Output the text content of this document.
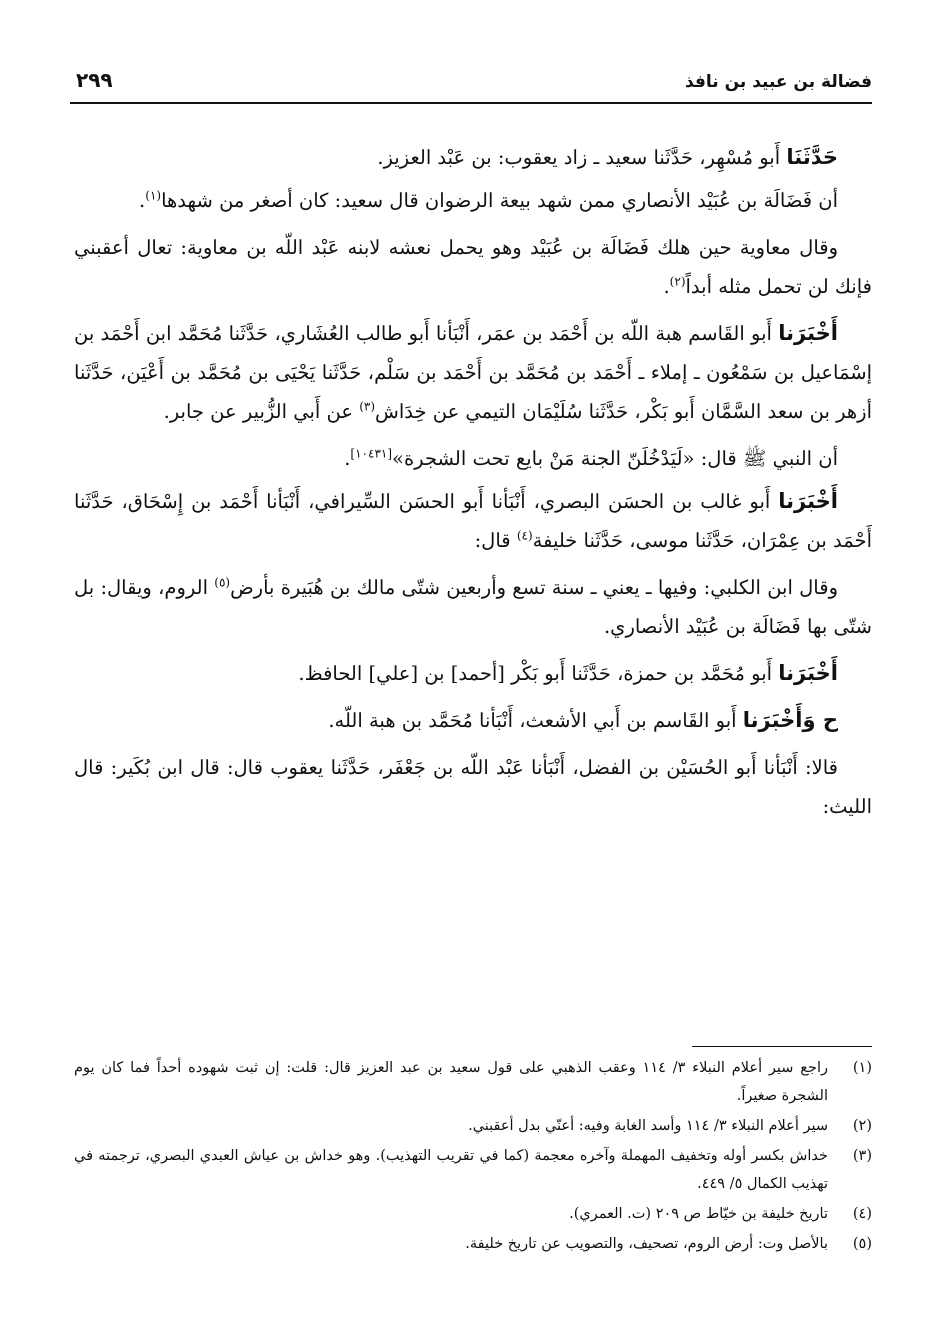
فضالة بن عبيد بن نافذ
٢٩٩

حَدَّثَنَا أَبو مُسْهِر، حَدَّثَنا سعيد ـ زاد يعقوب: بن عَبْد العزيز.

أن فَضَالَة بن عُبَيْد الأنصاري ممن شهد بيعة الرضوان قال سعيد: كان أصغر من شهدها$^{(١)}$.

وقال معاوية حين هلك فَضَالَة بن عُبَيْد وهو يحمل نعشه لابنه عَبْد اللّه بن معاوية: تعال أعقبني فإنك لن تحمل مثله أبداً$^{(٢)}$.

أَخْبَرَنا أَبو القَاسم هبة اللّه بن أَحْمَد بن عمَر، أَنْبَأنا أَبو طالب العُشَاري، حَدَّثَنا مُحَمَّد ابن أَحْمَد بن إسْمَاعيل بن سَمْعُون ـ إملاء ـ أَحْمَد بن مُحَمَّد بن أَحْمَد بن سَلْم، حَدَّثَنا يَحْيَى بن مُحَمَّد بن أَعْيَن، حَدَّثَنا أزهر بن سعد السَّمَّان أَبو بَكْر، حَدَّثَنا سُلَيْمَان التيمي عن خِدَاش$^{(٣)}$ عن أَبي الزُّبير عن جابر.

أن النبي ﷺ قال: «لَيَدْخُلَنّ الجنة مَنْ بايع تحت الشجرة»[١٠٤٣١].

أَخْبَرَنا أَبو غالب بن الحسَن البصري، أَنْبَأنا أَبو الحسَن السِّيرافي، أَنْبَأنا أَحْمَد بن إِسْحَاق، حَدَّثَنا أَحْمَد بن عِمْرَان، حَدَّثَنا موسى، حَدَّثَنا خليفة$^{(٤)}$ قال:

وقال ابن الكلبي: وفيها ـ يعني ـ سنة تسع وأربعين شتّى مالك بن هُبَيرة بأرض$^{(٥)}$ الروم، ويقال: بل شتّى بها فَضَالَة بن عُبَيْد الأنصاري.

أَخْبَرَنا أَبو مُحَمَّد بن حمزة، حَدَّثَنا أَبو بَكْر [أحمد] بن [علي] الحافظ.

ح وَأَخْبَرَنا أَبو القَاسم بن أَبي الأشعث، أَنْبَأنا مُحَمَّد بن هبة اللّه.

قالا: أَنْبَأنا أَبو الحُسَيْن بن الفضل، أَنْبَأنا عَبْد اللّه بن جَعْفَر، حَدَّثَنا يعقوب قال: قال ابن بُكَير: قال الليث:

(١)
راجع سير أعلام النبلاء ٣/ ١١٤ وعقب الذهبي على قول سعيد بن عبد العزيز قال: قلت: إن ثبت شهوده أحداً فما كان يوم الشجرة صغيراً.

(٢)
سير أعلام النبلاء ٣/ ١١٤ وأسد الغابة وفيه: أعنّي بدل أعقبني.

(٣)
خداش بكسر أوله وتخفيف المهملة وآخره معجمة (كما في تقريب التهذيب). وهو خداش بن عياش العبدي البصري، ترجمته في تهذيب الكمال ٥/ ٤٤٩.

(٤)
تاريخ خليفة بن خيّاط ص ٢٠٩ (ت. العمري).

(٥)
بالأصل وت: أرض الروم، تصحيف، والتصويب عن تاريخ خليفة.
